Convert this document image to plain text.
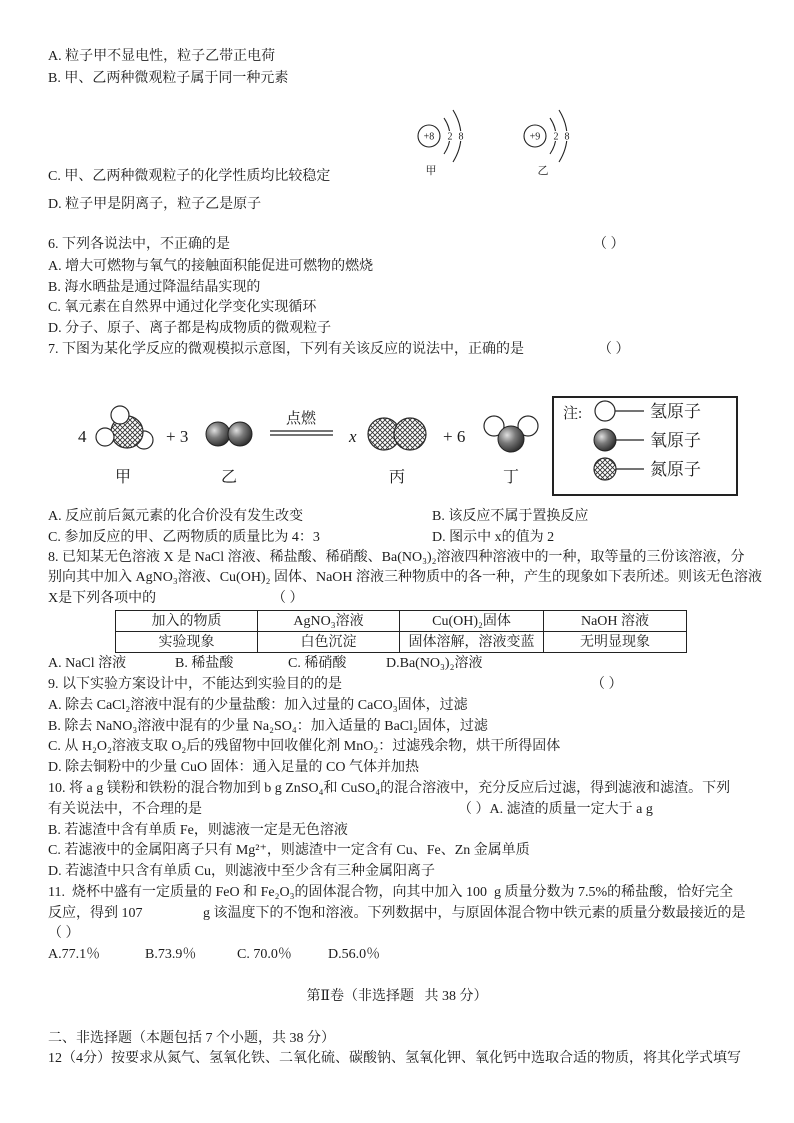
A. 粒子甲不显电性，粒子乙带正电荷
B. 甲、乙两种微观粒子属于同一种元素
+8 2 8
甲
+9 2 8
乙
C. 甲、乙两种微观粒子的化学性质均比较稳定
D. 粒子甲是阴离子，粒子乙是原子
6. 下列各说法中，不正确的是	（ ）
A. 增大可燃物与氧气的接触面积能促进可燃物的燃烧
B. 海水晒盐是通过降温结晶实现的
C. 氧元素在自然界中通过化学变化实现循环
D. 分子、原子、离子都是构成物质的微观粒子
7. 下图为某化学反应的微观模拟示意图，下列有关该反应的说法中，正确的是	（ ）
4
甲
+ 3
乙
点燃
x
丙
+ 6
丁
注:	氢原子
氧原子
氮原子
A. 反应前后氮元素的化合价没有发生改变	B. 该反应不属于置换反应
C. 参加反应的甲、乙两物质的质量比为 4：3	D. 图示中 x的值为 2
8. 已知某无色溶液 X 是 NaCl 溶液、稀盐酸、稀硝酸、Ba(NO₃)₂溶液四种溶液中的一种，取等量的三份该溶液，分
别向其中加入 AgNO₃溶液、Cu(OH)₂ 固体、NaOH 溶液三种物质中的各一种，产生的现象如下表所述。则该无色溶液
X是下列各项中的	（ ）
加入的物质	AgNO₃溶液	Cu(OH)₂固体	NaOH 溶液
实验现象	白色沉淀	固体溶解，溶液变蓝	无明显现象
A. NaCl 溶液	B. 稀盐酸	C. 稀硝酸	D.Ba(NO₃)₂溶液
9. 以下实验方案设计中，不能达到实验目的的是	（ ）
A. 除去 CaCl₂溶液中混有的少量盐酸：加入过量的 CaCO₃固体，过滤
B. 除去 NaNO₃溶液中混有的少量 Na₂SO₄：加入适量的 BaCl₂固体，过滤
C. 从 H₂O₂溶液支取 O₂后的残留物中回收催化剂 MnO₂：过滤残余物，烘干所得固体
D. 除去铜粉中的少量 CuO 固体：通入足量的 CO 气体并加热
10. 将 a g 镁粉和铁粉的混合物加到 b g ZnSO₄和 CuSO₄的混合溶液中，充分反应后过滤，得到滤液和滤渣。下列
有关说法中，不合理的是	（ ）A. 滤渣的质量一定大于 a g
B. 若滤渣中含有单质 Fe，则滤液一定是无色溶液
C. 若滤液中的金属阳离子只有 Mg²⁺，则滤渣中一定含有 Cu、Fe、Zn 金属单质
D. 若滤渣中只含有单质 Cu，则滤液中至少含有三种金属阳离子
11.  烧杯中盛有一定质量的 FeO 和 Fe₂O₃的固体混合物，向其中加入 100  g 质量分数为 7.5%的稀盐酸，恰好完全
反应，得到 107	g 该温度下的不饱和溶液。下列数据中，与原固体混合物中铁元素的质量分数最接近的是
（ ）
A.77.1％	B.73.9％	C. 70.0％	D.56.0％
第Ⅱ卷（非选择题   共 38 分）
二、非选择题（本题包括 7 个小题，共 38 分）
12（4分）按要求从氮气、氢氧化铁、二氧化硫、碳酸钠、氢氧化钾、氧化钙中选取合适的物质，将其化学式填写
